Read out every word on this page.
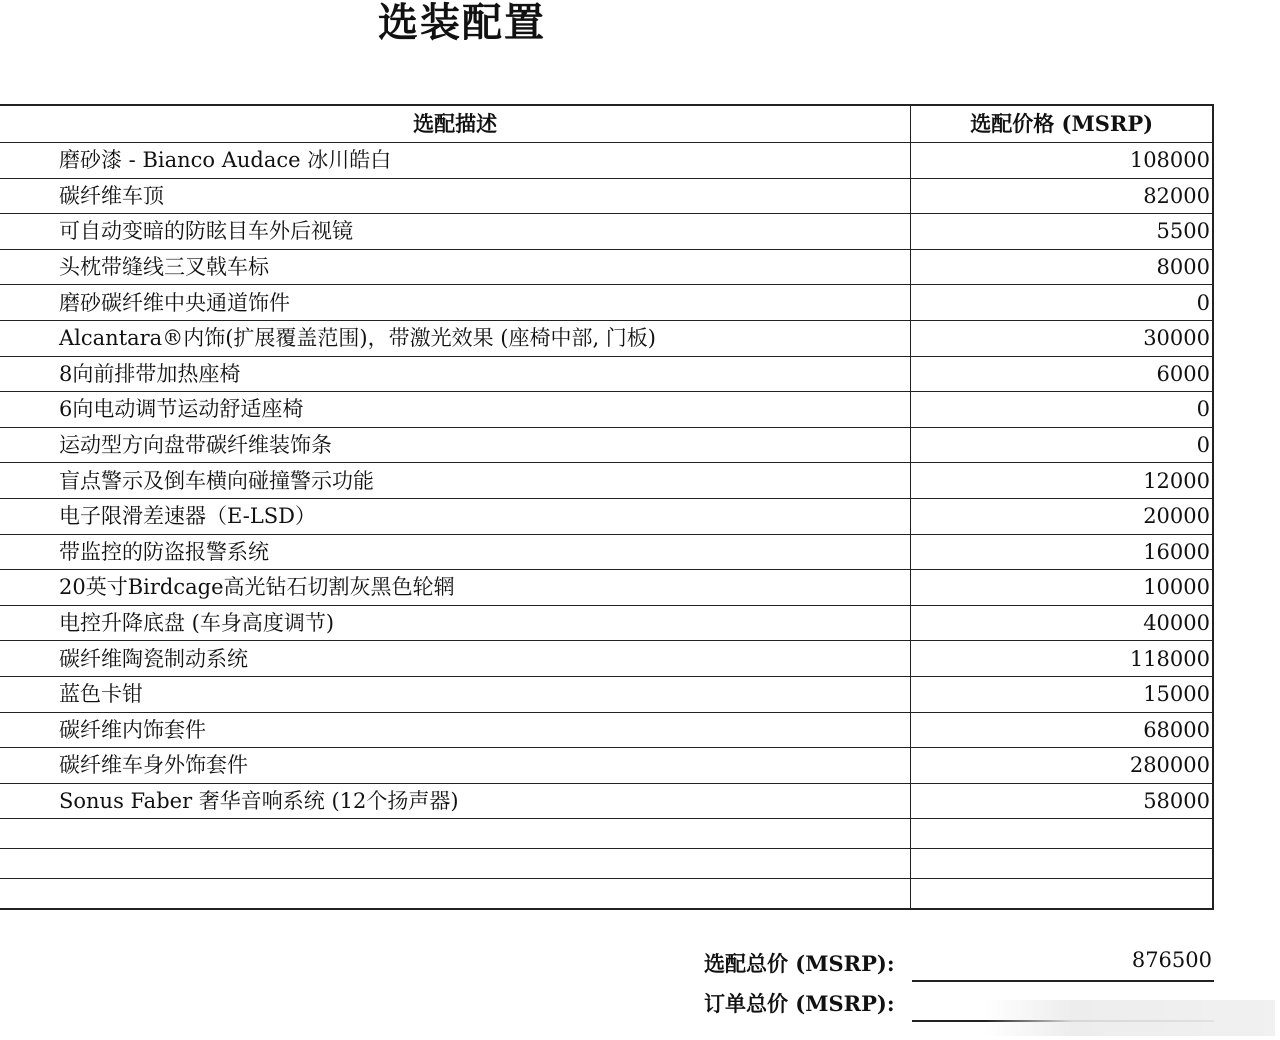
选装配置
选配描述	选配价格 (MSRP)
磨砂漆 - Bianco Audace 冰川皓白	108000
碳纤维车顶	82000
可自动变暗的防眩目车外后视镜	5500
头枕带缝线三叉戟车标	8000
磨砂碳纤维中央通道饰件	0
Alcantara®内饰(扩展覆盖范围)，带激光效果 (座椅中部, 门板)	30000
8向前排带加热座椅	6000
6向电动调节运动舒适座椅	0
运动型方向盘带碳纤维装饰条	0
盲点警示及倒车横向碰撞警示功能	12000
电子限滑差速器（E-LSD）	20000
带监控的防盗报警系统	16000
20英寸Birdcage高光钻石切割灰黑色轮辋	10000
电控升降底盘 (车身高度调节)	40000
碳纤维陶瓷制动系统	118000
蓝色卡钳	15000
碳纤维内饰套件	68000
碳纤维车身外饰套件	280000
Sonus Faber 奢华音响系统 (12个扬声器)	58000

选配总价 (MSRP):	876500
订单总价 (MSRP):
